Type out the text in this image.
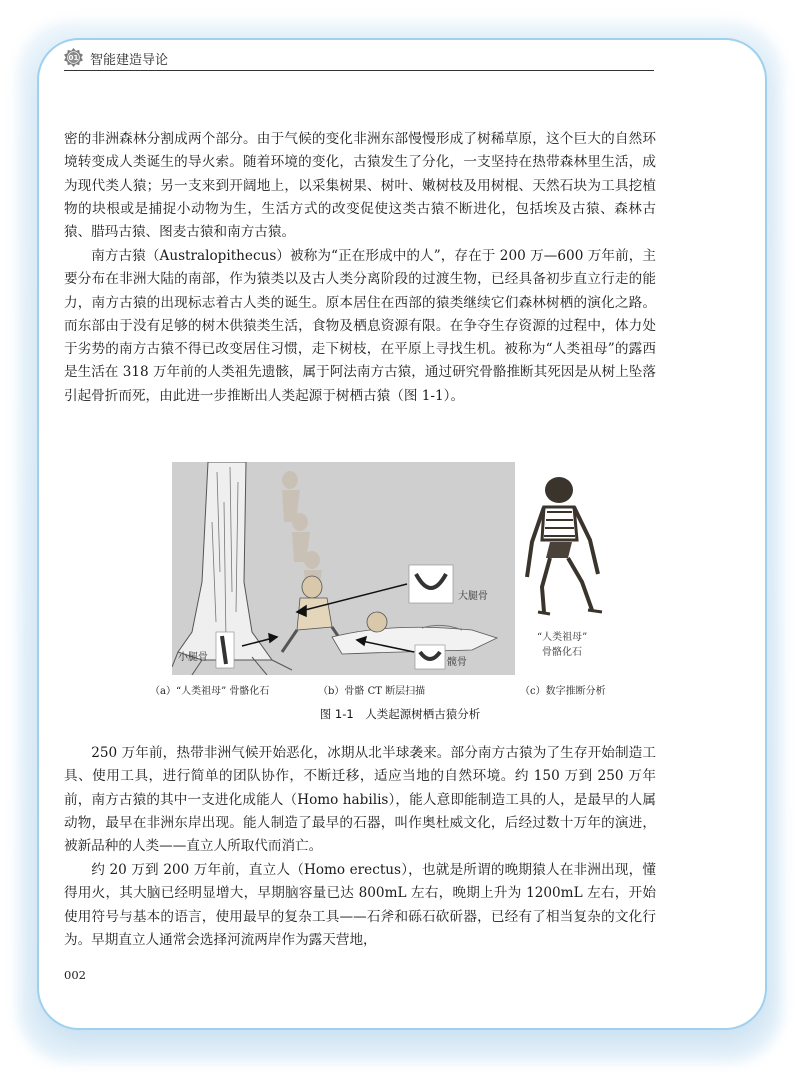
01 智能建造导论

密的非洲森林分割成两个部分。由于气候的变化非洲东部慢慢形成了树稀草原，这个巨大的自然环境转变成人类诞生的导火索。随着环境的变化，古猿发生了分化，一支坚持在热带森林里生活，成为现代类人猿；另一支来到开阔地上，以采集树果、树叶、嫩树枝及用树棍、天然石块为工具挖植物的块根或是捕捉小动物为生，生活方式的改变促使这类古猿不断进化，包括埃及古猿、森林古猿、腊玛古猿、图麦古猿和南方古猿。

南方古猿（Australopithecus）被称为“正在形成中的人”，存在于 200 万—600 万年前，主要分布在非洲大陆的南部，作为猿类以及古人类分离阶段的过渡生物，已经具备初步直立行走的能力，南方古猿的出现标志着古人类的诞生。原本居住在西部的猿类继续它们森林树栖的演化之路。而东部由于没有足够的树木供猿类生活，食物及栖息资源有限。在争夺生存资源的过程中，体力处于劣势的南方古猿不得已改变居住习惯，走下树枝，在平原上寻找生机。被称为“人类祖母”的露西是生活在 318 万年前的人类祖先遗骸，属于阿法南方古猿，通过研究骨骼推断其死因是从树上坠落引起骨折而死，由此进一步推断出人类起源于树栖古猿（图 1-1）。

大腿骨
小腿骨	髋骨
“人类祖母”
骨骼化石
（a）“人类祖母” 骨骼化石	（b）骨骼 CT 断层扫描	（c）数字推断分析
图 1-1　人类起源树栖古猿分析

250 万年前，热带非洲气候开始恶化，冰期从北半球袭来。部分南方古猿为了生存开始制造工具、使用工具，进行简单的团队协作，不断迁移，适应当地的自然环境。约 150 万到 250 万年前，南方古猿的其中一支进化成能人（Homo habilis），能人意即能制造工具的人，是最早的人属动物，最早在非洲东岸出现。能人制造了最早的石器，叫作奥杜威文化，后经过数十万年的演进，被新品种的人类——直立人所取代而消亡。

约 20 万到 200 万年前，直立人（Homo erectus），也就是所谓的晚期猿人在非洲出现，懂得用火，其大脑已经明显增大，早期脑容量已达 800mL 左右，晚期上升为 1200mL 左右，开始使用符号与基本的语言，使用最早的复杂工具——石斧和砾石砍斫器，已经有了相当复杂的文化行为。早期直立人通常会选择河流两岸作为露天营地，

002
